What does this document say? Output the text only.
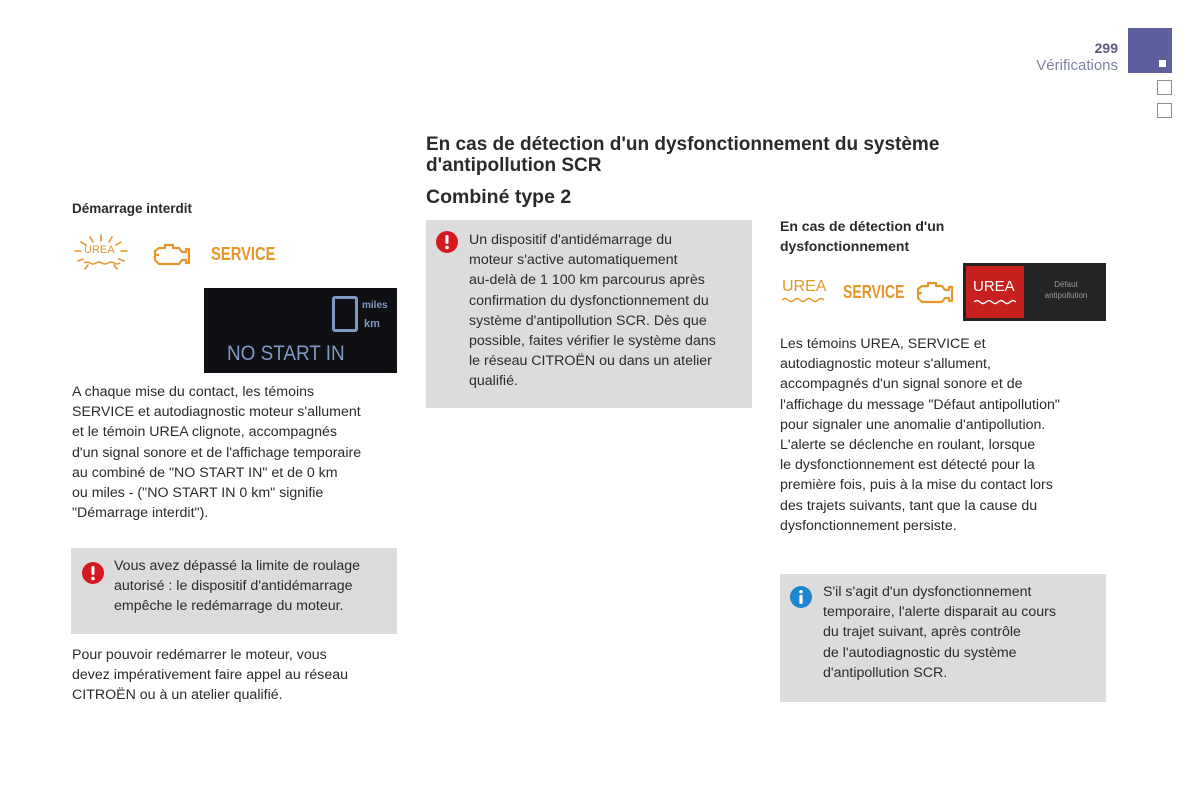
299
Vérifications
Démarrage interdit
UREA	SERVICE
miles
km
NO START IN

A chaque mise du contact, les témoins
SERVICE et autodiagnostic moteur s'allument
et le témoin UREA clignote, accompagnés
d'un signal sonore et de l'affichage temporaire
au combiné de "NO START IN" et de 0 km
ou miles - ("NO START IN 0 km" signifie
"Démarrage interdit").

Vous avez dépassé la limite de roulage
autorisé : le dispositif d'antidémarrage
empêche le redémarrage du moteur.

Pour pouvoir redémarrer le moteur, vous
devez impérativement faire appel au réseau
CITROËN ou à un atelier qualifié.

En cas de détection d'un dysfonctionnement du système
d'antipollution SCR
Combiné type 2

Un dispositif d'antidémarrage du
moteur s'active automatiquement
au-delà de 1 100 km parcourus après
confirmation du dysfonctionnement du
système d'antipollution SCR. Dès que
possible, faites vérifier le système dans
le réseau CITROËN ou dans un atelier
qualifié.

En cas de détection d'un
dysfonctionnement
UREA SERVICE	UREA	Défaut
antipollution

Les témoins UREA, SERVICE et
autodiagnostic moteur s'allument,
accompagnés d'un signal sonore et de
l'affichage du message "Défaut antipollution"
pour signaler une anomalie d'antipollution.
L'alerte se déclenche en roulant, lorsque
le dysfonctionnement est détecté pour la
première fois, puis à la mise du contact lors
des trajets suivants, tant que la cause du
dysfonctionnement persiste.

S'il s'agit d'un dysfonctionnement
temporaire, l'alerte disparait au cours
du trajet suivant, après contrôle
de l'autodiagnostic du système
d'antipollution SCR.
